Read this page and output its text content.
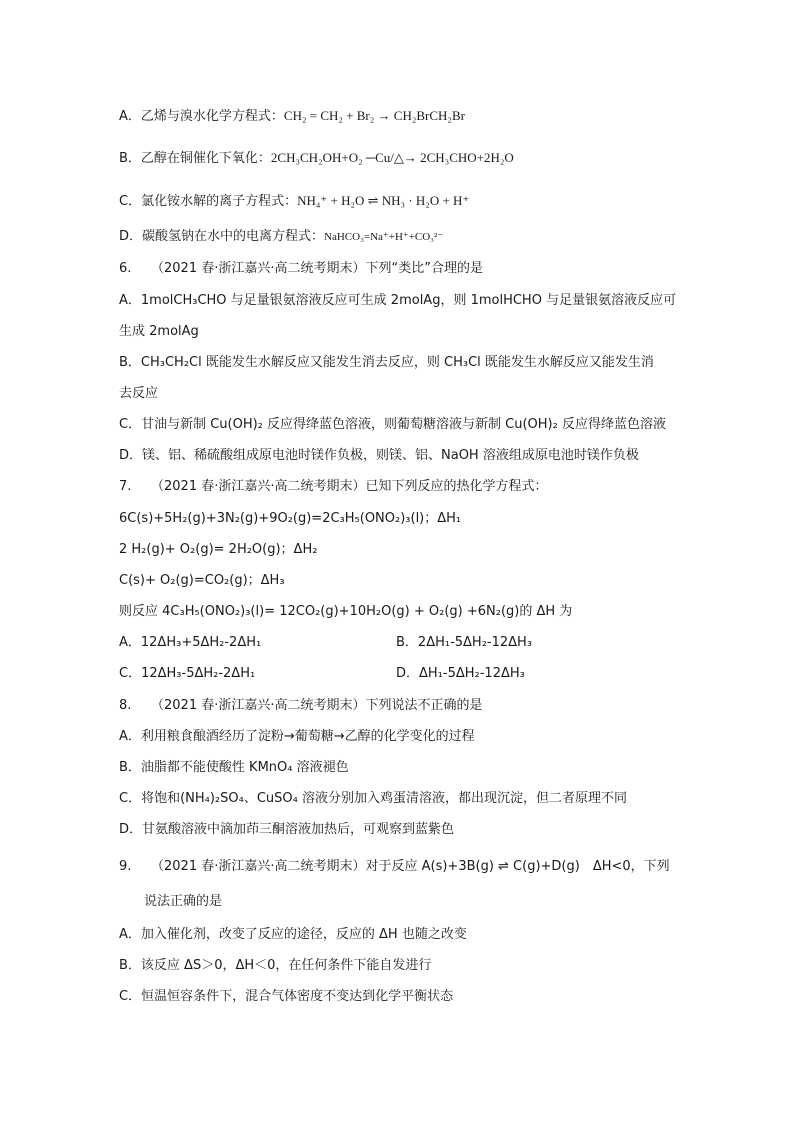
A．乙烯与溴水化学方程式：CH₂ = CH₂ + Br₂ → CH₂BrCH₂Br
B．乙醇在铜催化下氧化：2CH₃CH₂OH+O₂ ─Cu/△→ 2CH₃CHO+2H₂O
C．氯化铵水解的离子方程式：NH₄⁺ + H₂O ⇌ NH₃ · H₂O + H⁺
D．碳酸氢钠在水中的电离方程式：NaHCO₃=Na⁺+H⁺+CO₃²⁻
6. （2021 春·浙江嘉兴·高二统考期末）下列“类比”合理的是
A．1molCH₃CHO 与足量银氨溶液反应可生成 2molAg，则 1molHCHO 与足量银氨溶液反应可
生成 2molAg
B．CH₃CH₂Cl 既能发生水解反应又能发生消去反应，则 CH₃Cl 既能发生水解反应又能发生消
去反应
C．甘油与新制 Cu(OH)₂ 反应得绛蓝色溶液，则葡萄糖溶液与新制 Cu(OH)₂ 反应得绛蓝色溶液
D．镁、铝、稀硫酸组成原电池时镁作负极，则镁、铝、NaOH 溶液组成原电池时镁作负极
7. （2021 春·浙江嘉兴·高二统考期末）已知下列反应的热化学方程式：
6C(s)+5H₂(g)+3N₂(g)+9O₂(g)=2C₃H₅(ONO₂)₃(l)；ΔH₁
2 H₂(g)+ O₂(g)= 2H₂O(g)；ΔH₂
C(s)+ O₂(g)=CO₂(g)；ΔH₃
则反应 4C₃H₅(ONO₂)₃(l)= 12CO₂(g)+10H₂O(g) + O₂(g) +6N₂(g)的 ΔH 为
A．12ΔH₃+5ΔH₂-2ΔH₁	B．2ΔH₁-5ΔH₂-12ΔH₃
C．12ΔH₃-5ΔH₂-2ΔH₁	D．ΔH₁-5ΔH₂-12ΔH₃
8. （2021 春·浙江嘉兴·高二统考期末）下列说法不正确的是
A．利用粮食酿酒经历了淀粉→葡萄糖→乙醇的化学变化的过程
B．油脂都不能使酸性 KMnO₄ 溶液褪色
C．将饱和(NH₄)₂SO₄、CuSO₄ 溶液分别加入鸡蛋清溶液，都出现沉淀，但二者原理不同
D．甘氨酸溶液中滴加茚三酮溶液加热后，可观察到蓝紫色
9. （2021 春·浙江嘉兴·高二统考期末）对于反应 A(s)+3B(g) ⇌ C(g)+D(g)　ΔH<0，下列
说法正确的是
A．加入催化剂，改变了反应的途径，反应的 ΔH 也随之改变
B．该反应 ΔS＞0，ΔH＜0，在任何条件下能自发进行
C．恒温恒容条件下，混合气体密度不变达到化学平衡状态
